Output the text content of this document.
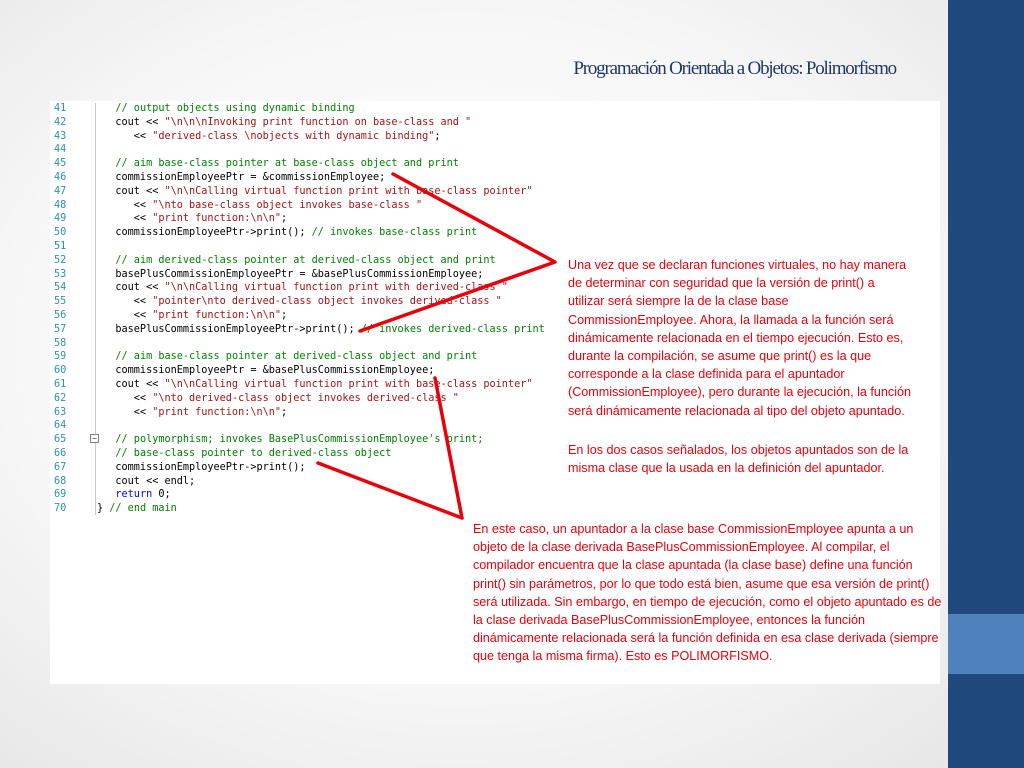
Programación Orientada a Objetos: Polimorfismo
−
41	// output objects using dynamic binding
42	cout << "\n\n\nInvoking print function on base-class and "
43	<< "derived-class \nobjects with dynamic binding";
44
45	// aim base-class pointer at base-class object and print
46	commissionEmployeePtr = &commissionEmployee;
47	cout << "\n\nCalling virtual function print with base-class pointer"
48	<< "\nto base-class object invokes base-class "
49	<< "print function:\n\n";
50	commissionEmployeePtr->print(); // invokes base-class print
51
52	// aim derived-class pointer at derived-class object and print
53	basePlusCommissionEmployeePtr = &basePlusCommissionEmployee;
54	cout << "\n\nCalling virtual function print with derived-class "
55	<< "pointer\nto derived-class object invokes derived-class "
56	<< "print function:\n\n";
57	basePlusCommissionEmployeePtr->print(); // invokes derived-class print
58
59	// aim base-class pointer at derived-class object and print
60	commissionEmployeePtr = &basePlusCommissionEmployee;
61	cout << "\n\nCalling virtual function print with base-class pointer"
62	<< "\nto derived-class object invokes derived-class "
63	<< "print function:\n\n";
64
65	// polymorphism; invokes BasePlusCommissionEmployee's print;
66	// base-class pointer to derived-class object
67	commissionEmployeePtr->print();
68	cout << endl;
69	return 0;
70	} // end main
Una vez que se declaran funciones virtuales, no hay manera de determinar con seguridad que la versión de print() a utilizar será siempre la de la clase base CommissionEmployee. Ahora, la llamada a la función será dinámicamente relacionada en el tiempo ejecución. Esto es, durante la compilación, se asume que print() es la que corresponde a la clase definida para el apuntador (CommissionEmployee), pero durante la ejecución, la función será dinámicamente relacionada al tipo del objeto apuntado.
En los dos casos señalados, los objetos apuntados son de la misma clase que la usada en la definición del apuntador.
En este caso, un apuntador a la clase base CommissionEmployee apunta a un objeto de la clase derivada BasePlusCommissionEmployee. Al compilar, el compilador encuentra que la clase apuntada (la clase base) define una función print() sin parámetros, por lo que todo está bien, asume que esa versión de print() será utilizada. Sin embargo, en tiempo de ejecución, como el objeto apuntado es de la clase derivada BasePlusCommissionEmployee, entonces la función dinámicamente relacionada será la función definida en esa clase derivada (siempre que tenga la misma firma). Esto es POLIMORFISMO.
